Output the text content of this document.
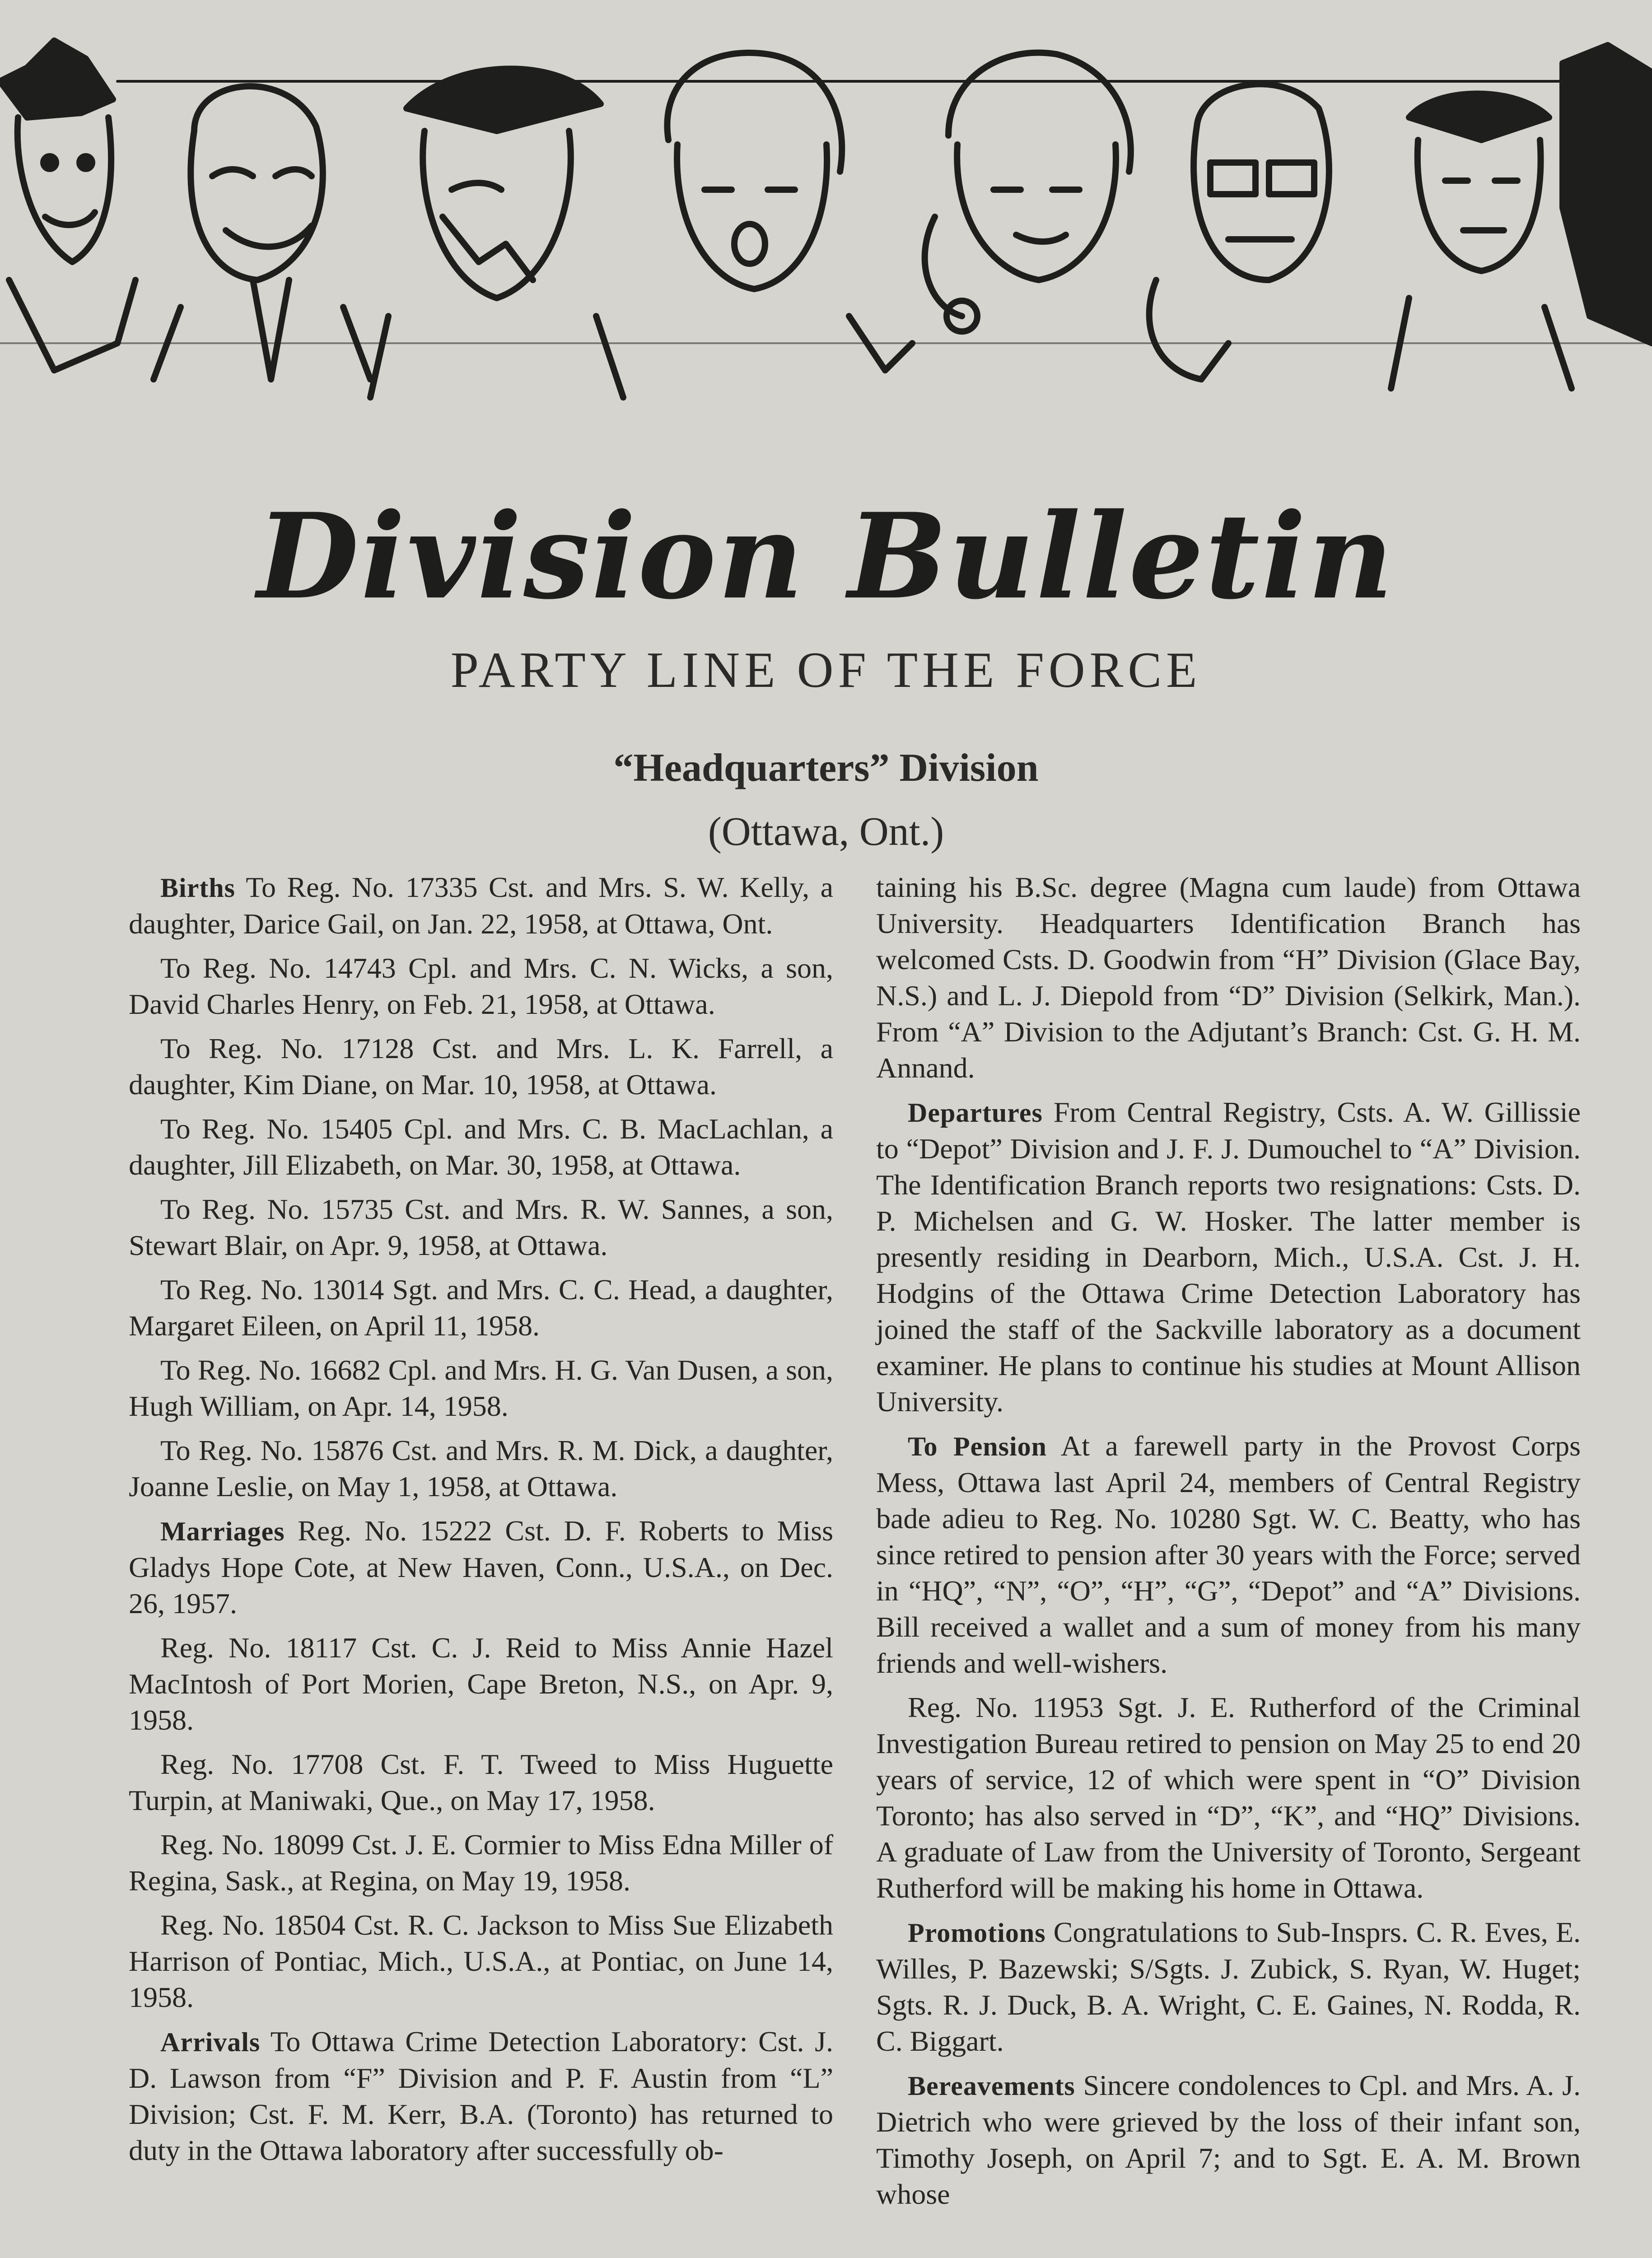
Division Bulletin
PARTY LINE OF THE FORCE
“Headquarters” Division
(Ottawa, Ont.)

Births To Reg. No. 17335 Cst. and Mrs. S. W. Kelly, a daughter, Darice Gail, on Jan. 22, 1958, at Ottawa, Ont.

To Reg. No. 14743 Cpl. and Mrs. C. N. Wicks, a son, David Charles Henry, on Feb. 21, 1958, at Ottawa.

To Reg. No. 17128 Cst. and Mrs. L. K. Farrell, a daughter, Kim Diane, on Mar. 10, 1958, at Ottawa.

To Reg. No. 15405 Cpl. and Mrs. C. B. MacLachlan, a daughter, Jill Elizabeth, on Mar. 30, 1958, at Ottawa.

To Reg. No. 15735 Cst. and Mrs. R. W. Sannes, a son, Stewart Blair, on Apr. 9, 1958, at Ottawa.

To Reg. No. 13014 Sgt. and Mrs. C. C. Head, a daughter, Margaret Eileen, on April 11, 1958.

To Reg. No. 16682 Cpl. and Mrs. H. G. Van Dusen, a son, Hugh William, on Apr. 14, 1958.

To Reg. No. 15876 Cst. and Mrs. R. M. Dick, a daughter, Joanne Leslie, on May 1, 1958, at Ottawa.

Marriages Reg. No. 15222 Cst. D. F. Roberts to Miss Gladys Hope Cote, at New Haven, Conn., U.S.A., on Dec. 26, 1957.

Reg. No. 18117 Cst. C. J. Reid to Miss Annie Hazel MacIntosh of Port Morien, Cape Breton, N.S., on Apr. 9, 1958.

Reg. No. 17708 Cst. F. T. Tweed to Miss Huguette Turpin, at Maniwaki, Que., on May 17, 1958.

Reg. No. 18099 Cst. J. E. Cormier to Miss Edna Miller of Regina, Sask., at Regina, on May 19, 1958.

Reg. No. 18504 Cst. R. C. Jackson to Miss Sue Elizabeth Harrison of Pontiac, Mich., U.S.A., at Pontiac, on June 14, 1958.

Arrivals To Ottawa Crime Detection Laboratory: Cst. J. D. Lawson from “F” Division and P. F. Austin from “L” Division; Cst. F. M. Kerr, B.A. (Toronto) has returned to duty in the Ottawa laboratory after successfully ob-

taining his B.Sc. degree (Magna cum laude) from Ottawa University. Headquarters Identification Branch has welcomed Csts. D. Goodwin from “H” Division (Glace Bay, N.S.) and L. J. Diepold from “D” Division (Selkirk, Man.). From “A” Division to the Adjutant’s Branch: Cst. G. H. M. Annand.

Departures From Central Registry, Csts. A. W. Gillissie to “Depot” Division and J. F. J. Dumouchel to “A” Division. The Identification Branch reports two resignations: Csts. D. P. Michelsen and G. W. Hosker. The latter member is presently residing in Dearborn, Mich., U.S.A. Cst. J. H. Hodgins of the Ottawa Crime Detection Laboratory has joined the staff of the Sackville laboratory as a document examiner. He plans to continue his studies at Mount Allison University.

To Pension At a farewell party in the Provost Corps Mess, Ottawa last April 24, members of Central Registry bade adieu to Reg. No. 10280 Sgt. W. C. Beatty, who has since retired to pension after 30 years with the Force; served in “HQ”, “N”, “O”, “H”, “G”, “Depot” and “A” Divisions. Bill received a wallet and a sum of money from his many friends and well-wishers.

Reg. No. 11953 Sgt. J. E. Rutherford of the Criminal Investigation Bureau retired to pension on May 25 to end 20 years of service, 12 of which were spent in “O” Division Toronto; has also served in “D”, “K”, and “HQ” Divisions. A graduate of Law from the University of Toronto, Sergeant Rutherford will be making his home in Ottawa.

Promotions Congratulations to Sub-Insprs. C. R. Eves, E. Willes, P. Bazewski; S/Sgts. J. Zubick, S. Ryan, W. Huget; Sgts. R. J. Duck, B. A. Wright, C. E. Gaines, N. Rodda, R. C. Biggart.

Bereavements Sincere condolences to Cpl. and Mrs. A. J. Dietrich who were grieved by the loss of their infant son, Timothy Joseph, on April 7; and to Sgt. E. A. M. Brown whose
